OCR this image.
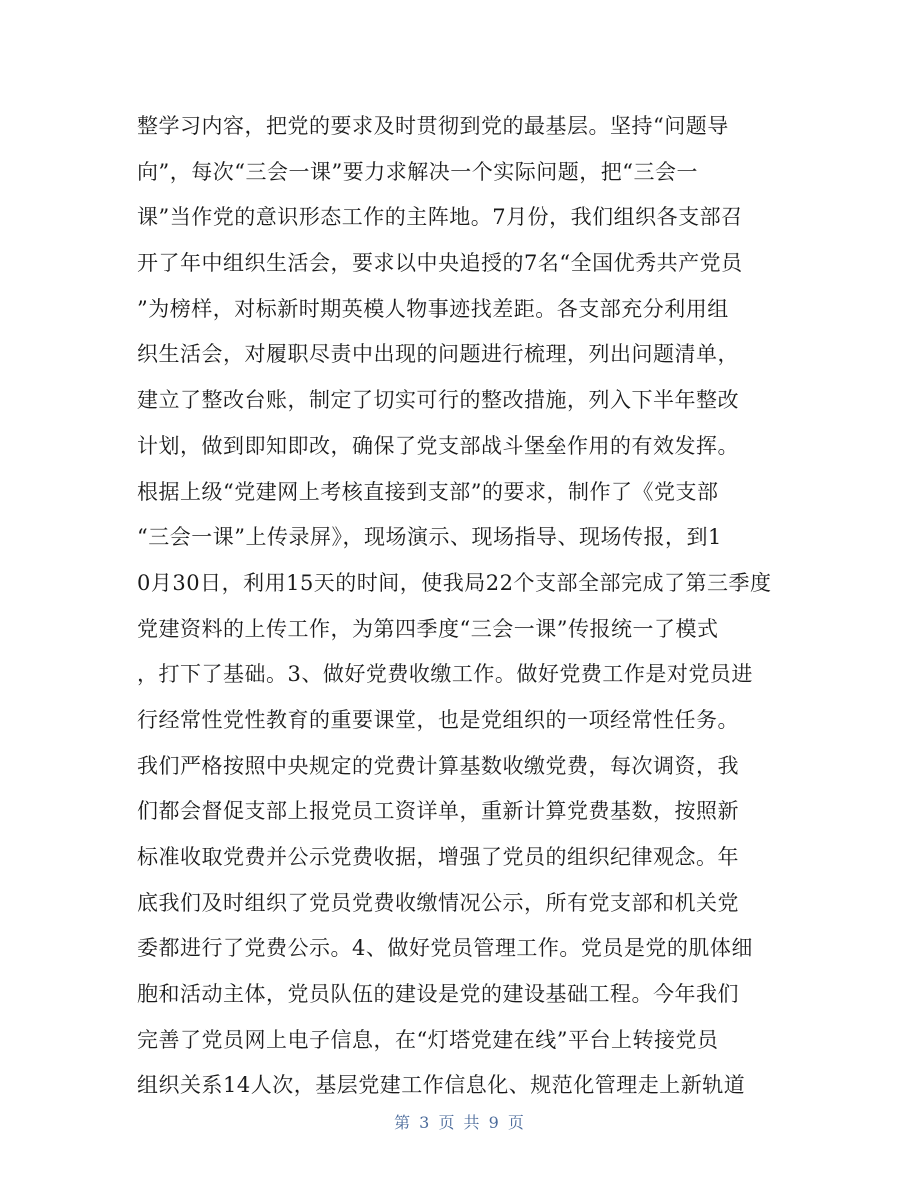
整学习内容，把党的要求及时贯彻到党的最基层。坚持“问题导
向”，每次“三会一课”要力求解决一个实际问题，把“三会一
课”当作党的意识形态工作的主阵地。7月份，我们组织各支部召
开了年中组织生活会，要求以中央追授的7名“全国优秀共产党员
”为榜样，对标新时期英模人物事迹找差距。各支部充分利用组
织生活会，对履职尽责中出现的问题进行梳理，列出问题清单，
建立了整改台账，制定了切实可行的整改措施，列入下半年整改
计划，做到即知即改，确保了党支部战斗堡垒作用的有效发挥。
根据上级“党建网上考核直接到支部”的要求，制作了《党支部
“三会一课”上传录屏》，现场演示、现场指导、现场传报，到1
0月30日，利用15天的时间，使我局22个支部全部完成了第三季度
党建资料的上传工作，为第四季度“三会一课”传报统一了模式
，打下了基础。3、做好党费收缴工作。做好党费工作是对党员进
行经常性党性教育的重要课堂，也是党组织的一项经常性任务。
我们严格按照中央规定的党费计算基数收缴党费，每次调资，我
们都会督促支部上报党员工资详单，重新计算党费基数，按照新
标准收取党费并公示党费收据，增强了党员的组织纪律观念。年
底我们及时组织了党员党费收缴情况公示，所有党支部和机关党
委都进行了党费公示。4、做好党员管理工作。党员是党的肌体细
胞和活动主体，党员队伍的建设是党的建设基础工程。今年我们
完善了党员网上电子信息，在“灯塔党建在线”平台上转接党员
组织关系14人次，基层党建工作信息化、规范化管理走上新轨道
第 3 页 共 9 页
